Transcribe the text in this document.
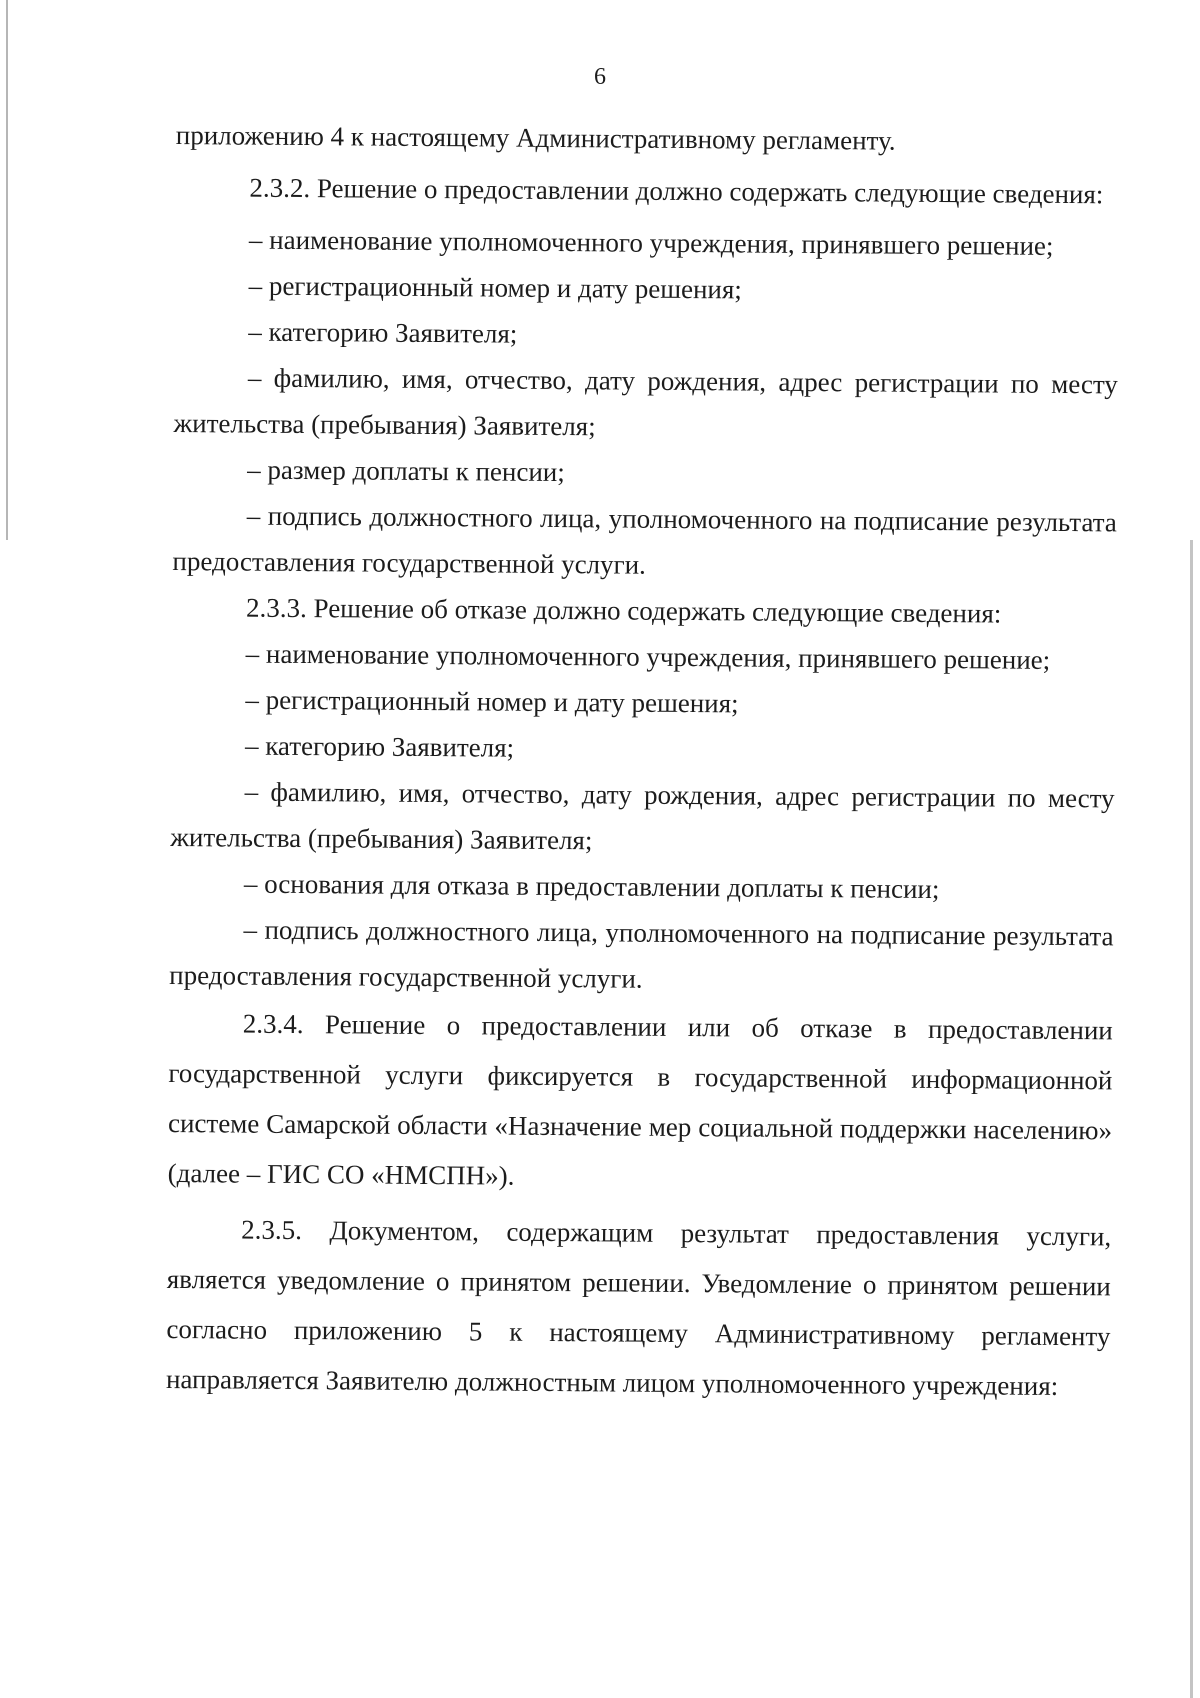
6

приложению 4 к настоящему Административному регламенту.

2.3.2. Решение о предоставлении должно содержать следующие сведения:

– наименование уполномоченного учреждения, принявшего решение;

– регистрационный номер и дату решения;

– категорию Заявителя;

– фамилию, имя, отчество, дату рождения, адрес регистрации по месту жительства (пребывания) Заявителя;

– размер доплаты к пенсии;

– подпись должностного лица, уполномоченного на подписание результата предоставления государственной услуги.

2.3.3. Решение об отказе должно содержать следующие сведения:

– наименование уполномоченного учреждения, принявшего решение;

– регистрационный номер и дату решения;

– категорию Заявителя;

– фамилию, имя, отчество, дату рождения, адрес регистрации по месту жительства (пребывания) Заявителя;

– основания для отказа в предоставлении доплаты к пенсии;

– подпись должностного лица, уполномоченного на подписание результата предоставления государственной услуги.

2.3.4. Решение о предоставлении или об отказе в предоставлении государственной услуги фиксируется в государственной информационной системе Самарской области «Назначение мер социальной поддержки населению» (далее – ГИС СО «НМСПН»).

2.3.5. Документом, содержащим результат предоставления услуги, является уведомление о принятом решении. Уведомление о принятом решении согласно приложению 5 к настоящему Административному регламенту направляется Заявителю должностным лицом уполномоченного учреждения:
